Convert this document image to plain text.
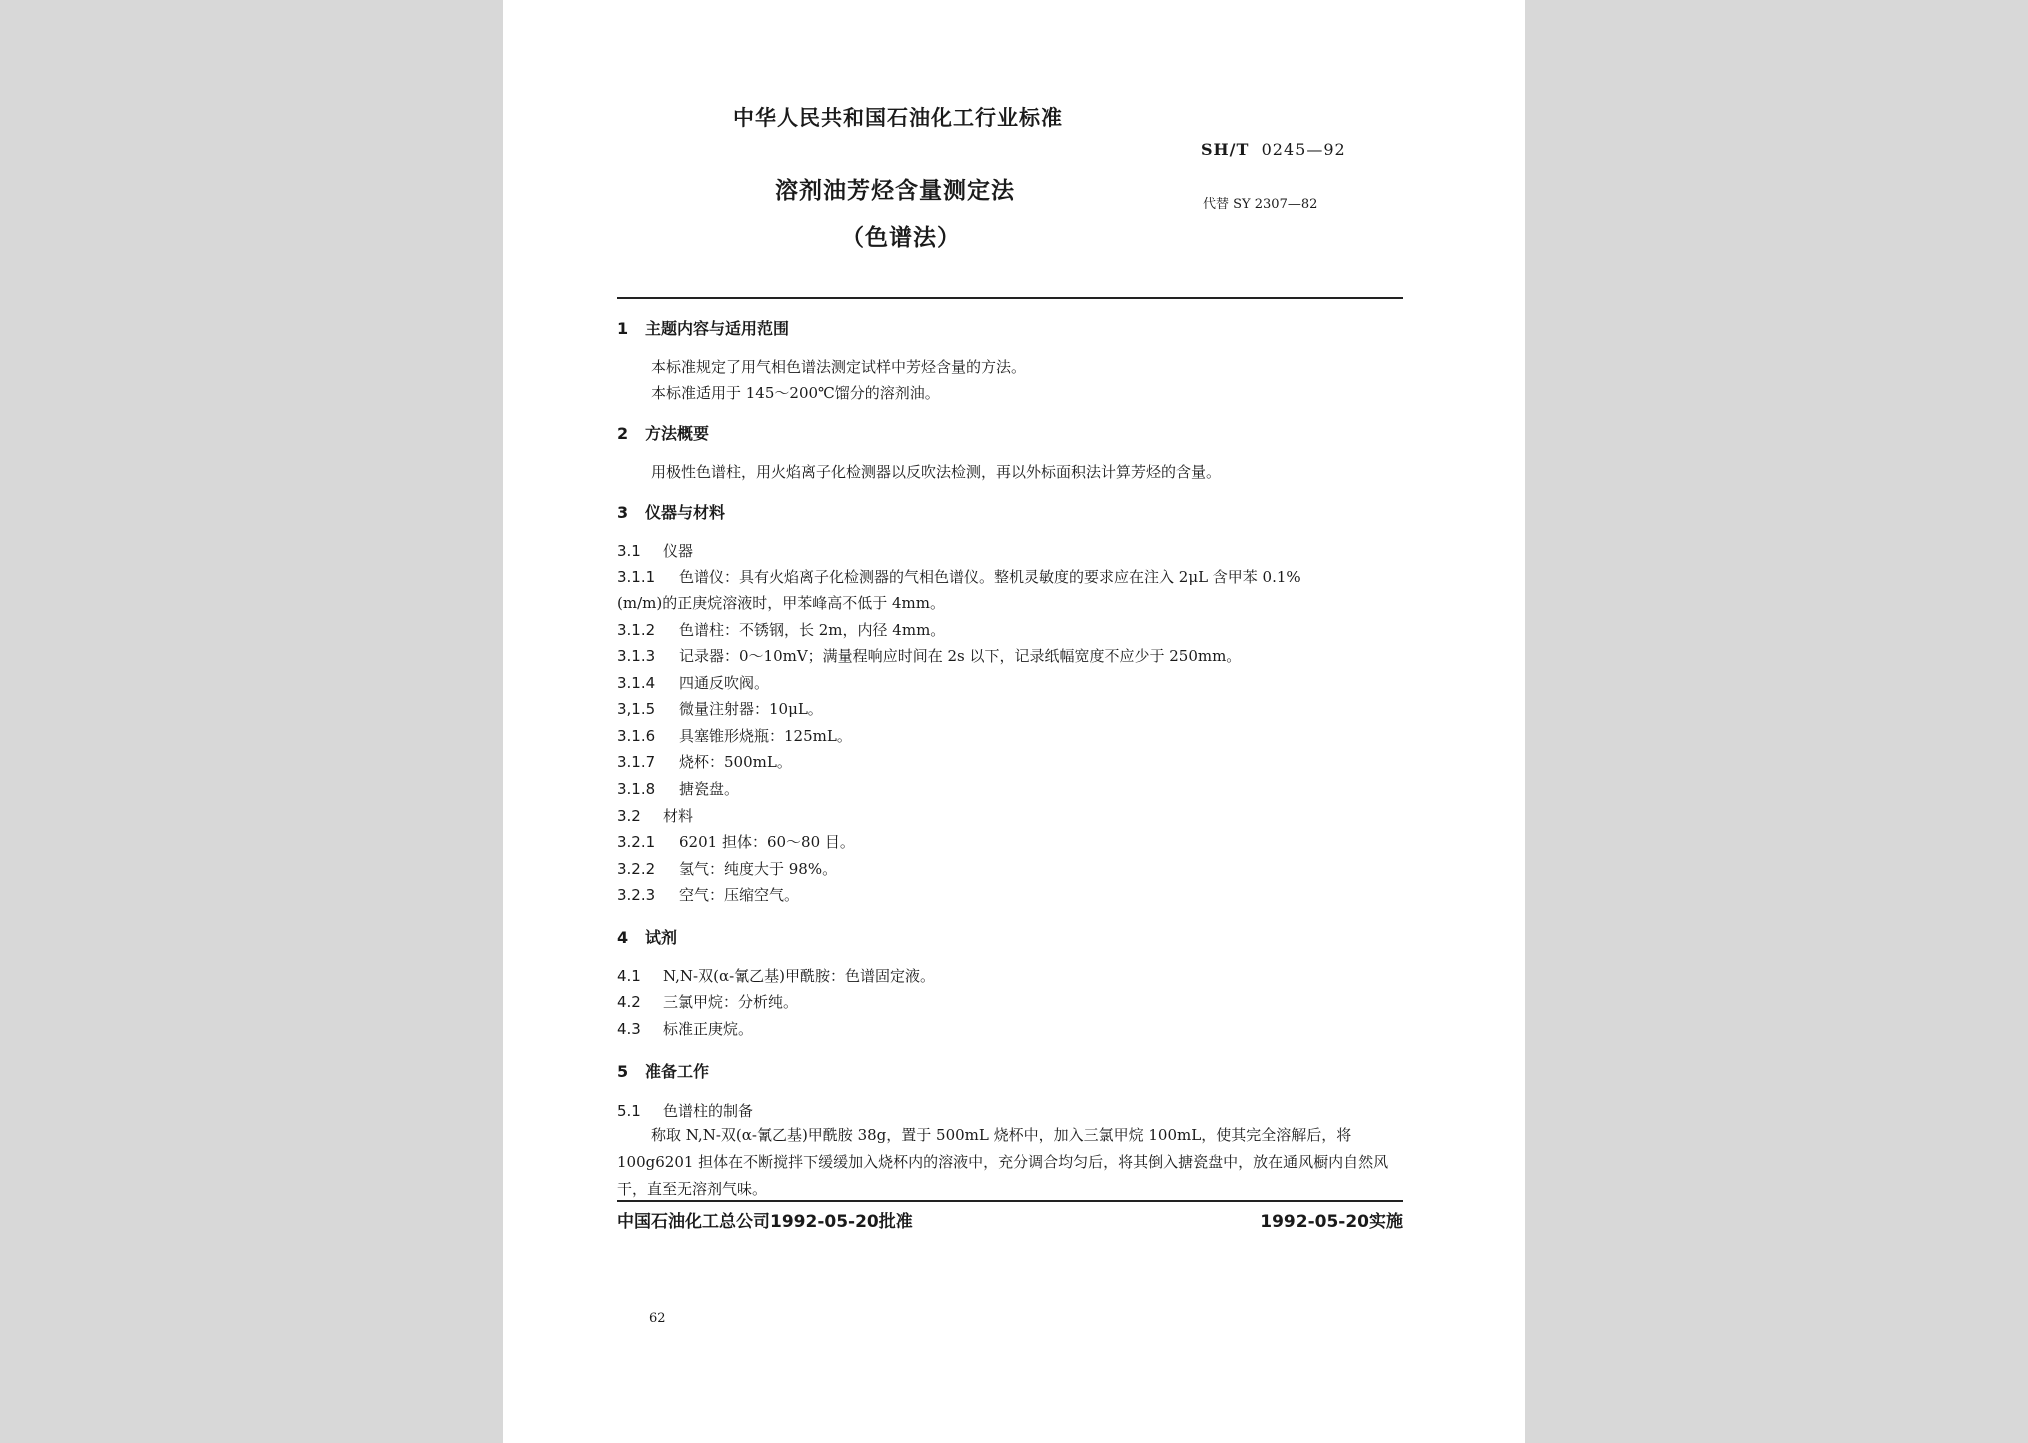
中华人民共和国石油化工行业标准
SH/T 0245—92
溶剂油芳烃含量测定法
（色谱法）
代替 SY 2307—82
1 主题内容与适用范围
本标准规定了用气相色谱法测定试样中芳烃含量的方法。
本标准适用于 145～200℃馏分的溶剂油。
2 方法概要
用极性色谱柱，用火焰离子化检测器以反吹法检测，再以外标面积法计算芳烃的含量。
3 仪器与材料
3.1 仪器
3.1.1 色谱仪：具有火焰离子化检测器的气相色谱仪。整机灵敏度的要求应在注入 2μL 含甲苯 0.1%
(m/m)的正庚烷溶液时，甲苯峰高不低于 4mm。
3.1.2 色谱柱：不锈钢，长 2m，内径 4mm。
3.1.3 记录器：0～10mV；满量程响应时间在 2s 以下，记录纸幅宽度不应少于 250mm。
3.1.4 四通反吹阀。
3,1.5 微量注射器：10μL。
3.1.6 具塞锥形烧瓶：125mL。
3.1.7 烧杯：500mL。
3.1.8 搪瓷盘。
3.2 材料
3.2.1 6201 担体：60～80 目。
3.2.2 氢气：纯度大于 98%。
3.2.3 空气：压缩空气。
4 试剂
4.1 N,N-双(α-氰乙基)甲酰胺：色谱固定液。
4.2 三氯甲烷：分析纯。
4.3 标准正庚烷。
5 准备工作
5.1 色谱柱的制备
称取 N,N-双(α-氰乙基)甲酰胺 38g，置于 500mL 烧杯中，加入三氯甲烷 100mL，使其完全溶解后，将 100g6201 担体在不断搅拌下缓缓加入烧杯内的溶液中，充分调合均匀后，将其倒入搪瓷盘中，放在通风橱内自然风干，直至无溶剂气味。
中国石油化工总公司1992-05-20批准	1992-05-20实施
62
